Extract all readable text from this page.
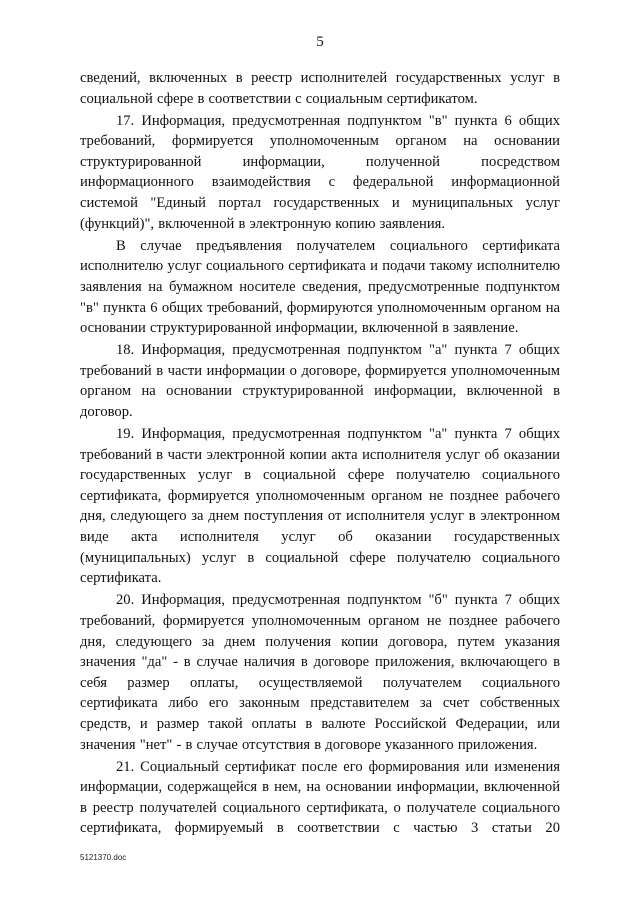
5

сведений, включенных в реестр исполнителей государственных услуг в социальной сфере в соответствии с социальным сертификатом.

17. Информация, предусмотренная подпунктом "в" пункта 6 общих требований, формируется уполномоченным органом на основании структурированной информации, полученной посредством информационного взаимодействия с федеральной информационной системой "Единый портал государственных и муниципальных услуг (функций)", включенной в электронную копию заявления.

В случае предъявления получателем социального сертификата исполнителю услуг социального сертификата и подачи такому исполнителю заявления на бумажном носителе сведения, предусмотренные подпунктом "в" пункта 6 общих требований, формируются уполномоченным органом на основании структурированной информации, включенной в заявление.

18. Информация, предусмотренная подпунктом "а" пункта 7 общих требований в части информации о договоре, формируется уполномоченным органом на основании структурированной информации, включенной в договор.

19. Информация, предусмотренная подпунктом "а" пункта 7 общих требований в части электронной копии акта исполнителя услуг об оказании государственных услуг в социальной сфере получателю социального сертификата, формируется уполномоченным органом не позднее рабочего дня, следующего за днем поступления от исполнителя услуг в электронном виде акта исполнителя услуг об оказании государственных (муниципальных) услуг в социальной сфере получателю социального сертификата.

20. Информация, предусмотренная подпунктом "б" пункта 7 общих требований, формируется уполномоченным органом не позднее рабочего дня, следующего за днем получения копии договора, путем указания значения "да" - в случае наличия в договоре приложения, включающего в себя размер оплаты, осуществляемой получателем социального сертификата либо его законным представителем за счет собственных средств, и размер такой оплаты в валюте Российской Федерации, или значения "нет" - в случае отсутствия в договоре указанного приложения.

21. Социальный сертификат после его формирования или изменения информации, содержащейся в нем, на основании информации, включенной в реестр получателей социального сертификата, о получателе социального сертификата, формируемый в соответствии с частью 3 статьи 20

5121370.doc
